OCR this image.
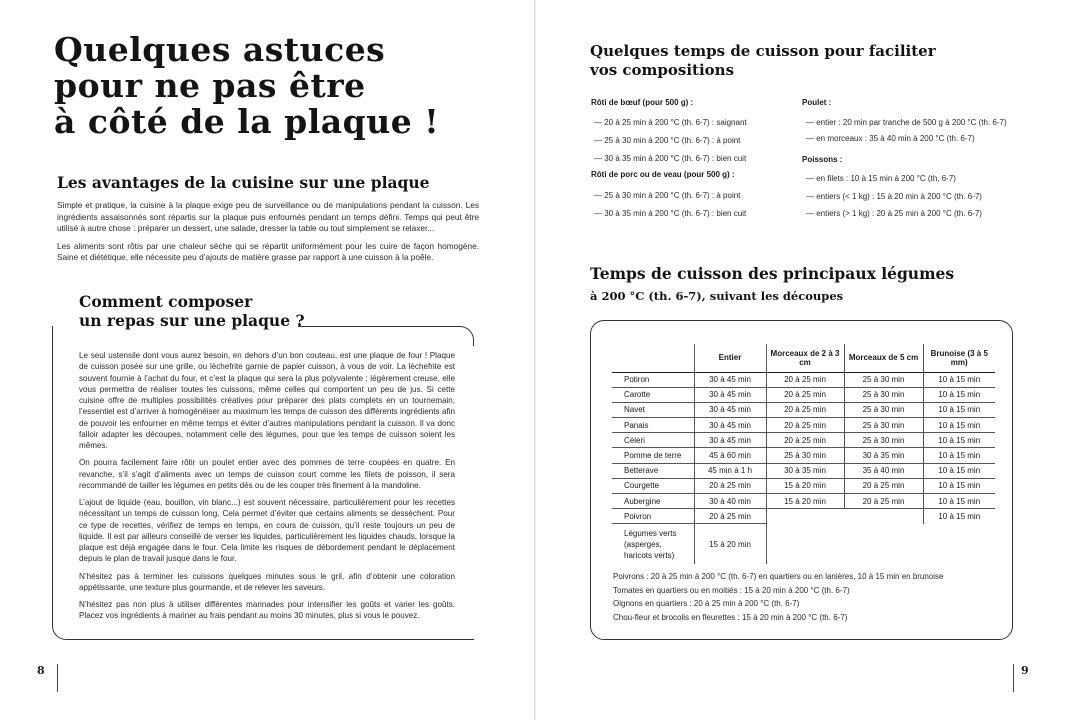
Quelques astuces
pour ne pas être
à côté de la plaque !
Les avantages de la cuisine sur une plaque

Simple et pratique, la cuisine à la plaque exige peu de surveillance ou de manipulations pendant la cuisson. Les ingrédients assaisonnés sont répartis sur la plaque puis enfournés pendant un temps défini. Temps qui peut être utilisé à autre chose : préparer un dessert, une salade, dresser la table ou tout simplement se relaxer...

Les aliments sont rôtis par une chaleur sèche qui se répartit uniformément pour les cuire de façon homogène. Saine et diététique, elle nécessite peu d’ajouts de matière grasse par rapport à une cuisson à la poêle.

Comment composer
un repas sur une plaque ?

Le seul ustensile dont vous aurez besoin, en dehors d’un bon couteau, est une plaque de four ! Plaque de cuisson posée sur une grille, ou lèchefrite garnie de papier cuisson, à vous de voir. La lèchefrite est souvent fournie à l’achat du four, et c’est la plaque qui sera la plus polyvalente : légèrement creuse, elle vous permettra de réaliser toutes les cuissons, même celles qui comportent un peu de jus. Si cette cuisine offre de multiples possibilités créatives pour préparer des plats complets en un tournemain, l’essentiel est d’arriver à homogénéiser au maximum les temps de cuisson des différents ingrédients afin de pouvoir les enfourner en même temps et éviter d’autres manipulations pendant la cuisson. Il va donc falloir adapter les découpes, notamment celle des légumes, pour que les temps de cuisson soient les mêmes.

On pourra facilement faire rôtir un poulet entier avec des pommes de terre coupées en quatre. En revanche, s’il s’agit d’aliments avec un temps de cuisson court comme les filets de poisson, il sera recommandé de tailler les légumes en petits dés ou de les couper très finement à la mandoline.

L’ajout de liquide (eau, bouillon, vin blanc...) est souvent nécessaire, particulièrement pour les recettes nécessitant un temps de cuisson long. Cela permet d’éviter que certains aliments se dessèchent. Pour ce type de recettes, vérifiez de temps en temps, en cours de cuisson, qu’il reste toujours un peu de liquide. Il est par ailleurs conseillé de verser les liquides, particulièrement les liquides chauds, lorsque la plaque est déjà engagée dans le four. Cela limite les risques de débordement pendant le déplacement depuis le plan de travail jusque dans le four.

N’hésitez pas à terminer les cuissons quelques minutes sous le gril, afin d’obtenir une coloration appétissante, une texture plus gourmande, et de relever les saveurs.

N’hésitez pas non plus à utiliser différentes marinades pour intensifier les goûts et varier les goûts. Placez vos ingrédients à mariner au frais pendant au moins 30 minutes, plus si vous le pouvez.

8
Quelques temps de cuisson pour faciliter
vos compositions
Rôti de bœuf (pour 500 g) :
— 20 à 25 min à 200 °C (th. 6-7) : saignant
— 25 à 30 min à 200 °C (th. 6-7) : à point
— 30 à 35 min à 200 °C (th. 6-7) : bien cuit
Rôti de porc ou de veau (pour 500 g) :
— 25 à 30 min à 200 °C (th. 6-7) : à point
— 30 à 35 min à 200 °C (th. 6-7) : bien cuit
Poulet :
— entier : 20 min par tranche de 500 g à 200 °C (th. 6-7)
— en morceaux : 35 à 40 min à 200 °C (th. 6-7)
Poissons :
— en filets : 10 à 15 min à 200 °C (th. 6-7)
— entiers (< 1 kg) : 15 à 20 min à 200 °C (th. 6-7)
— entiers (> 1 kg) : 20 à 25 min à 200 °C (th. 6-7)
Temps de cuisson des principaux légumes
à 200 °C (th. 6-7), suivant les découpes
	Entier	Morceaux de 2 à 3 cm	Morceaux de 5 cm	Brunoise (3 à 5 mm)
Potiron	30 à 45 min	20 à 25 min	25 à 30 min	10 à 15 min
Carotte	30 à 45 min	20 à 25 min	25 à 30 min	10 à 15 min
Navet	30 à 45 min	20 à 25 min	25 à 30 min	10 à 15 min
Panais	30 à 45 min	20 à 25 min	25 à 30 min	10 à 15 min
Céleri	30 à 45 min	20 à 25 min	25 à 30 min	10 à 15 min
Pomme de terre	45 à 60 min	25 à 30 min	30 à 35 min	10 à 15 min
Betterave	45 min à 1 h	30 à 35 min	35 à 40 min	10 à 15 min
Courgette	20 à 25 min	15 à 20 min	20 à 25 min	10 à 15 min
Aubergine	30 à 40 min	15 à 20 min	20 à 25 min	10 à 15 min
Poivron	20 à 25 min			10 à 15 min
Légumes verts (asperges, haricots verts)	15 à 20 min			
Poivrons : 20 à 25 min à 200 °C (th. 6-7) en quartiers ou en lanières, 10 à 15 min en brunoise
Tomates en quartiers ou en moitiés : 15 à 20 min à 200 °C (th. 6-7)
Oignons en quartiers : 20 à 25 min à 200 °C (th. 6-7)
Chou-fleur et brocolis en fleurettes : 15 à 20 min à 200 °C (th. 6-7)
9
